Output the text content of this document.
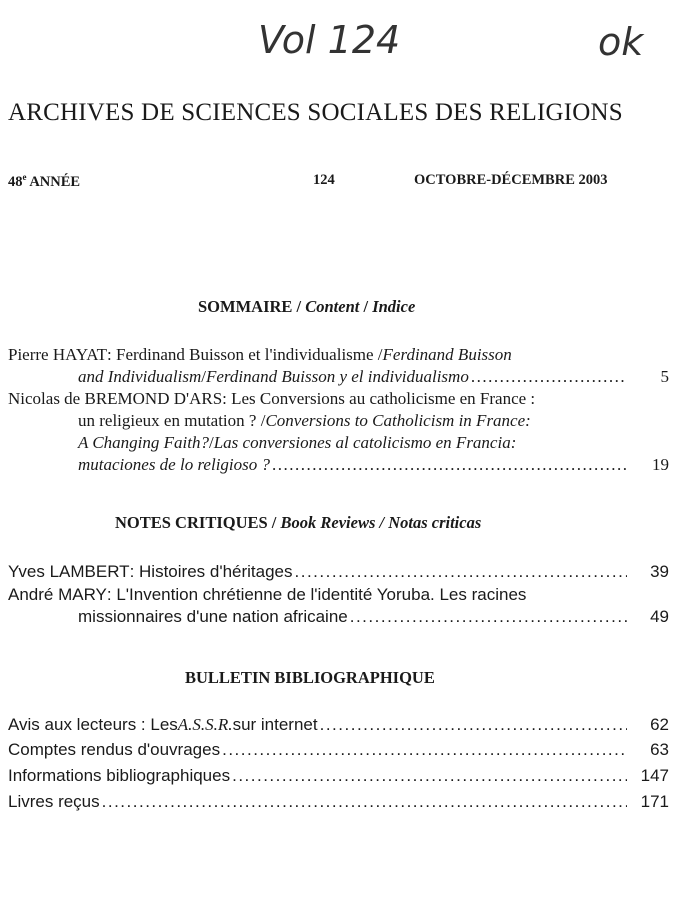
Vol 124	ok
ARCHIVES DE SCIENCES SOCIALES DES RELIGIONS
48e ANNÉE	124	OCTOBRE-DÉCEMBRE 2003
SOMMAIRE / Content / Indice
Pierre HAYAT : Ferdinand Buisson et l'individualisme / Ferdinand Buisson
and Individualism / Ferdinand Buisson y el individualismo .....	5
Nicolas de BREMOND D'ARS : Les Conversions au catholicisme en France :
un religieux en mutation ? / Conversions to Catholicism in France:
A Changing Faith? / Las conversiones al catolicismo en Francia:
mutaciones de lo religioso ? .....	19
NOTES CRITIQUES / Book Reviews / Notas criticas
Yves LAMBERT : Histoires d'héritages .....	39
André MARY : L'Invention chrétienne de l'identité Yoruba. Les racines
missionnaires d'une nation africaine .....	49
BULLETIN BIBLIOGRAPHIQUE
Avis aux lecteurs : Les A.S.S.R. sur internet .....	62
Comptes rendus d'ouvrages .....	63
Informations bibliographiques .....	147
Livres reçus .....	171
